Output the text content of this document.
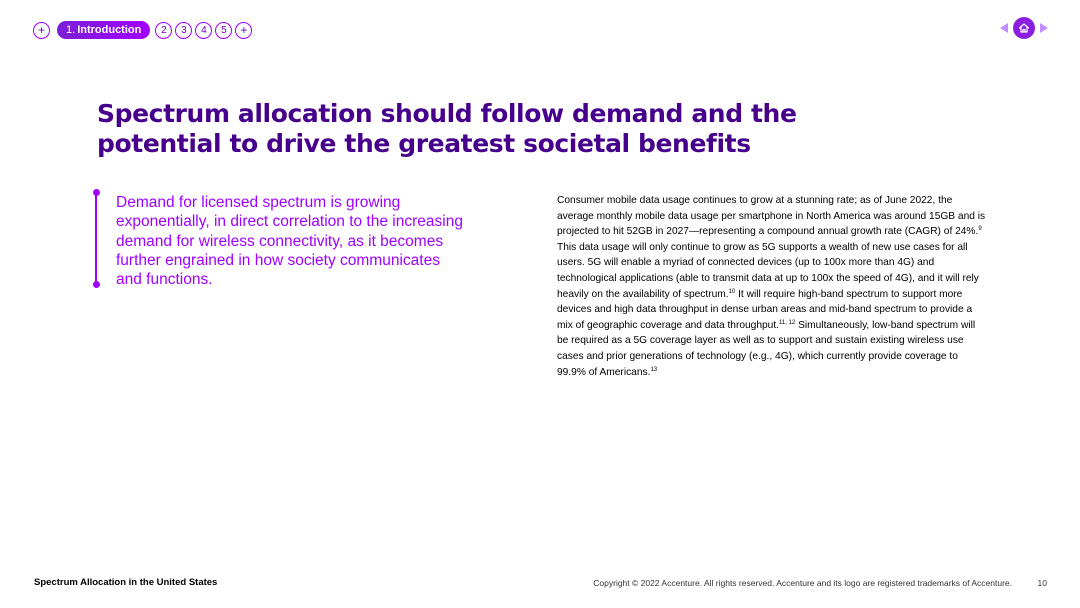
+	1. Introduction	2	3	4	5	+
Spectrum allocation should follow demand and the
potential to drive the greatest societal benefits

Demand for licensed spectrum is growing exponentially, in direct correlation to the increasing demand for wireless connectivity, as it becomes further engrained in how society communicates and functions.

Consumer mobile data usage continues to grow at a stunning rate; as of June 2022, the average monthly mobile data usage per smartphone in North America was around 15GB and is projected to hit 52GB in 2027—representing a compound annual growth rate (CAGR) of 24%.$^9$ This data usage will only continue to grow as 5G supports a wealth of new use cases for all users. 5G will enable a myriad of connected devices (up to 100x more than 4G) and technological applications (able to transmit data at up to 100x the speed of 4G), and it will rely heavily on the availability of spectrum.$^{10}$ It will require high-band spectrum to support more devices and high data throughput in dense urban areas and mid-band spectrum to provide a mix of geographic coverage and data throughput.$^{11, 12}$ Simultaneously, low-band spectrum will be required as a 5G coverage layer as well as to support and sustain existing wireless use cases and prior generations of technology (e.g., 4G), which currently provide coverage to 99.9% of Americans.$^{13}$

Spectrum Allocation in the United States	Copyright © 2022 Accenture. All rights reserved. Accenture and its logo are registered trademarks of Accenture.	10
